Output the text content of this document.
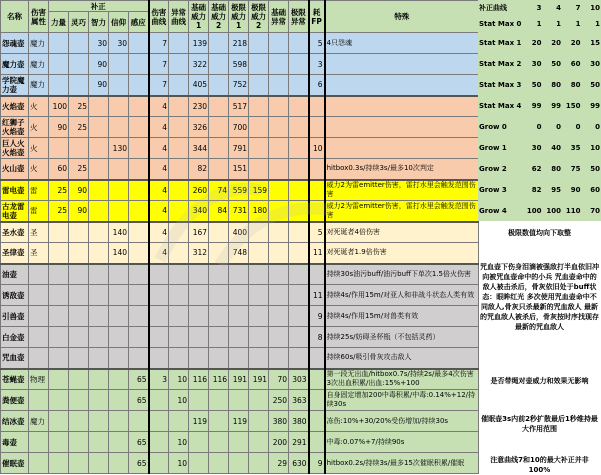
名称	伤害属性	补正					伤害曲线	异常曲线	基础威力1	基础威力2	极限威力1	极限威力2	基础异常	极限异常	耗FP	特殊
		力量	灵巧	智力	信仰	感应										
怨魂壶	魔力			30	30		7		139		218				5	4只怨魂
魔力壶	魔力			90			7		322		598				3	
学院魔力壶	魔力			90			7		405		752				6	
火焰壶	火	100	25				4		230		517					
红狮子火焰壶	火	90	25				4		326		700					
巨人火火焰壶	火				130		4		344		791				10	
火山壶	火	60	25				4		82		151					hitbox0.3s/持续3s/最多10次判定
雷电壶	雷	25	90				4		260	74	559	159				威力2为雷emitter伤害，雷打水里会触发范围伤害
古龙雷电壶	雷	25	90				4		340	84	731	180				威力2为雷emitter伤害，雷打水里会触发范围伤害
圣水壶	圣				140		4		167		400				5	对死诞者4倍伤害
圣律壶	圣				140		4		312		748				11	对死诞者1.9倍伤害
油壶																持续30s油污buff/油污buff下单次1.5倍火伤害
诱敌壶															11	持续4s/作用15m/对亚人和非战斗状态人类有效
引兽壶															9	持续4s/作用15m/对兽类有效
白金壶															8	持续25s/妨碍圣杯瓶（不包括灵药）
咒血壶																持续60s/吸引骨灰攻击敌人
苍蝇壶	物理					65	3	10	116	116	191	191	70	303		第一段无出血/hitbox0.7s/持续2s/最多4次伤害3次出血积累/出血:15%+100
粪便壶						65		10					250	363		自身固定增加200中毒积累/中毒:0.14%+12/持续30s
结冰壶	魔力								119		119		380	380		冻伤:10%+30/20%受伤增加/持续30s
毒壶						65		10					200	291		中毒:0.07%+7/持续90s
催眠壶						65		10					29	630	9	hitbox0.2s/持续3s/最多15次催眠积累/催眠
补正曲线	3	4	7	10
Stat Max 0	1	1	1	1
Stat Max 1	20	20	20	15
Stat Max 2	30	50	60	30
Stat Max 3	50	80	80	50
Stat Max 4	99	99	150	99
Grow 0	0	0	0	0
Grow 1	30	40	35	10
Grow 2	62	80	75	50
Grow 3	82	95	90	60
Grow 4	100	100	110	70
极限数值均向下取整
咒血壶下伤身泪滴被强敌打半血依旧冲向被咒血壶命中的小兵 咒血壶命中的敌人被击杀后，骨灰依旧处于buff状态：眼眸红光 多次使用咒血壶命中不同敌人,骨灰只杀最新的咒血敌人 最新的咒血敌人被杀后，骨灰按时序找现存最新的咒血敌人
是否带绳对壶威力和效果无影响
催眠壶3s内前2秒扩散最后1秒维持最大作用范围
注意曲线7和10的最大补正并非100%
